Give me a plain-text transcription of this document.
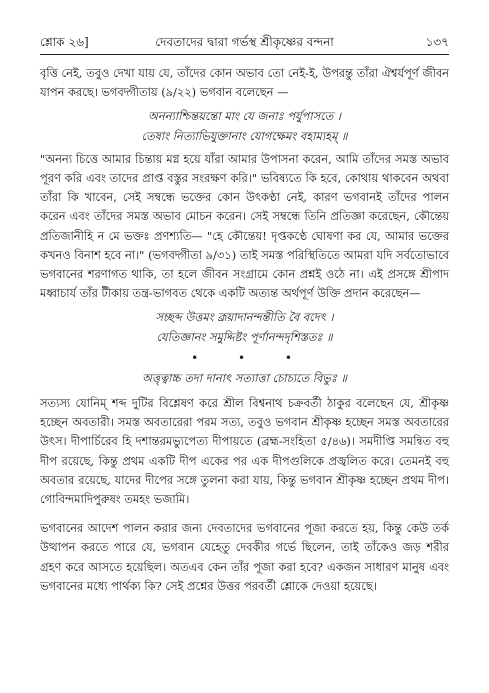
শ্লোক ২৬]	দেবতাদের দ্বারা গর্ভস্থ শ্রীকৃষ্ণের বন্দনা	১৩৭

বৃত্তি নেই, তবুও দেখা যায় যে, তাঁদের কোন অভাব তো নেই-ই, উপরন্তু তাঁরা ঐশ্বর্যপূর্ণ জীবন যাপন করছে। ভগবদ্গীতায় (৯/২২) ভগবান বলেছেন —

অনন্যাশ্চিন্তয়ন্তো মাং যে জনাঃ পর্যুপাসতে ।
তেষাং নিত্যাভিযুক্তানাং যোগক্ষেমং বহাম্যহম্ ॥

"অনন্য চিত্তে আমার চিন্তায় মগ্ন হয়ে যাঁরা আমার উপাসনা করেন, আমি তাঁদের সমস্ত অভাব পূরণ করি এবং তাদের প্রাপ্ত বস্তুর সংরক্ষণ করি।" ভবিষ্যতে কি হবে, কোথায় থাকবেন অথবা তাঁরা কি খাবেন, সেই সম্বন্ধে ভক্তের কোন উৎকণ্ঠা নেই, কারণ ভগবানই তাঁদের পালন করেন এবং তাঁদের সমস্ত অভাব মোচন করেন। সেই সম্বন্ধে তিনি প্রতিজ্ঞা করেছেন, কৌন্তেয় প্রতিজানীহি ন মে ভক্তঃ প্রণশ্যতি— "হে কৌন্তেয়! দৃপ্তকণ্ঠে ঘোষণা কর যে, আমার ভক্তের কখনও বিনাশ হবে না।" (ভগবদ্গীতা ৯/৩১) তাই সমস্ত পরিস্থিতিতে আমরা যদি সর্বতোভাবে ভগবানের শরণাগত থাকি, তা হলে জীবন সংগ্রামে কোন প্রশ্নই ওঠে না। এই প্রসঙ্গে শ্রীপাদ মধ্বাচার্য তাঁর টীকায় তন্ত্র-ভাগবত থেকে একটি অত্যন্ত অর্থপূর্ণ উক্তি প্রদান করেছেন—

সচ্ছব্দ উত্তমং ব্রূয়াদানন্দন্তীতি বৈ বদেৎ ।
যেতিজ্ঞানং সমুদ্দিষ্টং পূর্ণানন্দদৃশিস্ততঃ ॥
• • •
অত্তৃত্বাচ্চ তদা দানাৎ সত্যাত্তা চোচ্যতে বিভুঃ ॥

সত্যস্য যোনিম্ শব্দ দুটির বিশ্লেষণ করে শ্রীল বিশ্বনাথ চক্রবর্তী ঠাকুর বলেছেন যে, শ্রীকৃষ্ণ হচ্ছেন অবতারী। সমস্ত অবতারেরা পরম সত্য, তবুও ভগবান শ্রীকৃষ্ণ হচ্ছেন সমস্ত অবতারের উৎস। দীপার্চিরেব হি দশান্তরমভ্যুপেত্য দীপায়তে (ব্রহ্ম-সংহিতা ৫/৪৬)। সমদীপ্তি সমন্বিত বহু দীপ রয়েছে, কিন্তু প্রথম একটি দীপ একের পর এক দীপগুলিকে প্রজ্বলিত করে। তেমনই বহু অবতার রয়েছে, যাদের দীপের সঙ্গে তুলনা করা যায়, কিন্তু ভগবান শ্রীকৃষ্ণ হচ্ছেন প্রথম দীপ। গোবিন্দমাদিপুরুষং তমহং ভজামি।

ভগবানের আদেশ পালন করার জন্য দেবতাদের ভগবানের পূজা করতে হয়, কিন্তু কেউ তর্ক উত্থাপন করতে পারে যে, ভগবান যেহেতু দেবকীর গর্ভে ছিলেন, তাই তাঁকেও জড় শরীর গ্রহণ করে আসতে হয়েছিল। অতএব কেন তাঁর পূজা করা হবে? একজন সাধারণ মানুষ এবং ভগবানের মধ্যে পার্থক্য কি? সেই প্রশ্নের উত্তর পরবর্তী শ্লোকে দেওয়া হয়েছে।
